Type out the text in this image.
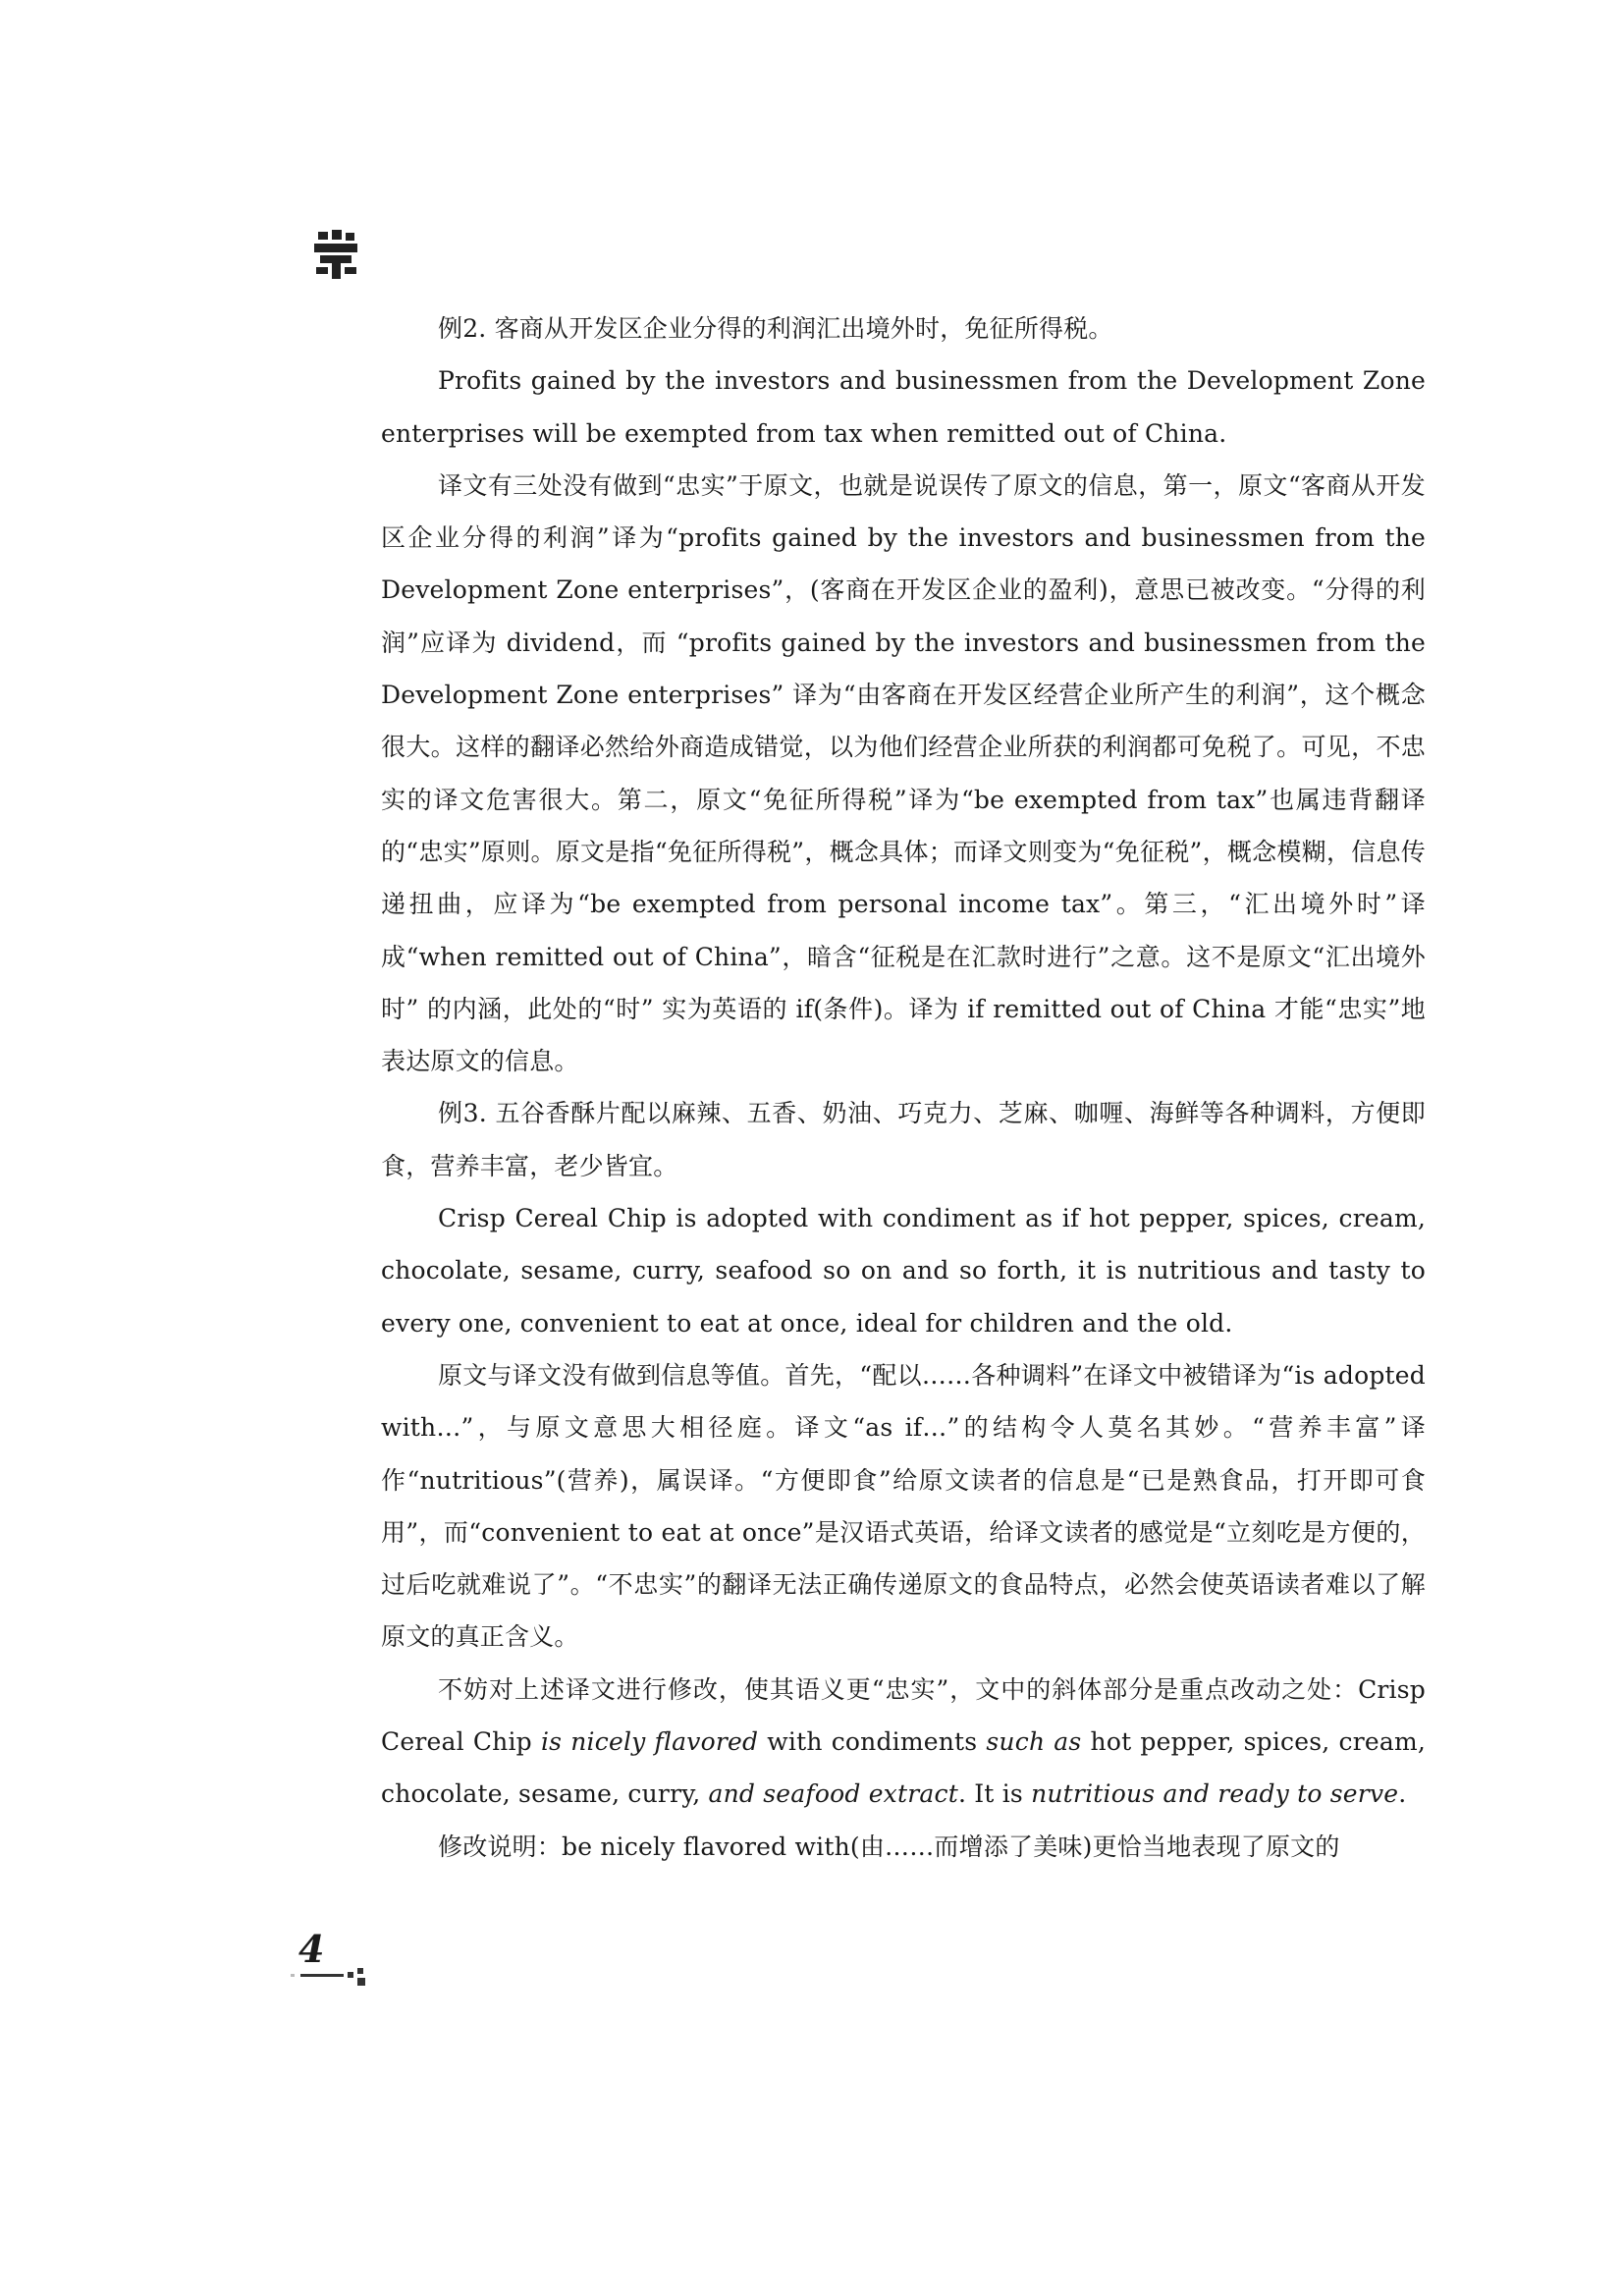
例2. 客商从开发区企业分得的利润汇出境外时，免征所得税。

Profits gained by the investors and businessmen from the Development Zone enterprises will be exempted from tax when remitted out of China.

译文有三处没有做到“忠实”于原文，也就是说误传了原文的信息，第一，原文“客商从开发区企业分得的利润”译为“profits gained by the investors and businessmen from the Development Zone enterprises”，(客商在开发区企业的盈利)，意思已被改变。“分得的利润”应译为 dividend，而 “profits gained by the investors and businessmen from the Development Zone enterprises” 译为“由客商在开发区经营企业所产生的利润”，这个概念很大。这样的翻译必然给外商造成错觉，以为他们经营企业所获的利润都可免税了。可见，不忠实的译文危害很大。第二，原文“免征所得税”译为“be exempted from tax”也属违背翻译的“忠实”原则。原文是指“免征所得税”，概念具体；而译文则变为“免征税”，概念模糊，信息传递扭曲，应译为“be exempted from personal income tax”。第三，“汇出境外时”译成“when remitted out of China”，暗含“征税是在汇款时进行”之意。这不是原文“汇出境外时” 的内涵，此处的“时” 实为英语的 if(条件)。译为 if remitted out of China 才能“忠实”地表达原文的信息。

例3. 五谷香酥片配以麻辣、五香、奶油、巧克力、芝麻、咖喱、海鲜等各种调料，方便即食，营养丰富，老少皆宜。

Crisp Cereal Chip is adopted with condiment as if hot pepper, spices, cream, chocolate, sesame, curry, seafood so on and so forth, it is nutritious and tasty to every one, convenient to eat at once, ideal for children and the old.

原文与译文没有做到信息等值。首先，“配以……各种调料”在译文中被错译为“is adopted with…”，与原文意思大相径庭。译文“as if…”的结构令人莫名其妙。“营养丰富”译作“nutritious”(营养)，属误译。“方便即食”给原文读者的信息是“已是熟食品，打开即可食用”，而“convenient to eat at once”是汉语式英语，给译文读者的感觉是“立刻吃是方便的，过后吃就难说了”。“不忠实”的翻译无法正确传递原文的食品特点，必然会使英语读者难以了解原文的真正含义。

不妨对上述译文进行修改，使其语义更“忠实”，文中的斜体部分是重点改动之处：Crisp Cereal Chip is nicely flavored with condiments such as hot pepper, spices, cream, chocolate, sesame, curry, and seafood extract. It is nutritious and ready to serve.

修改说明：be nicely flavored with(由……而增添了美味)更恰当地表现了原文的

4
